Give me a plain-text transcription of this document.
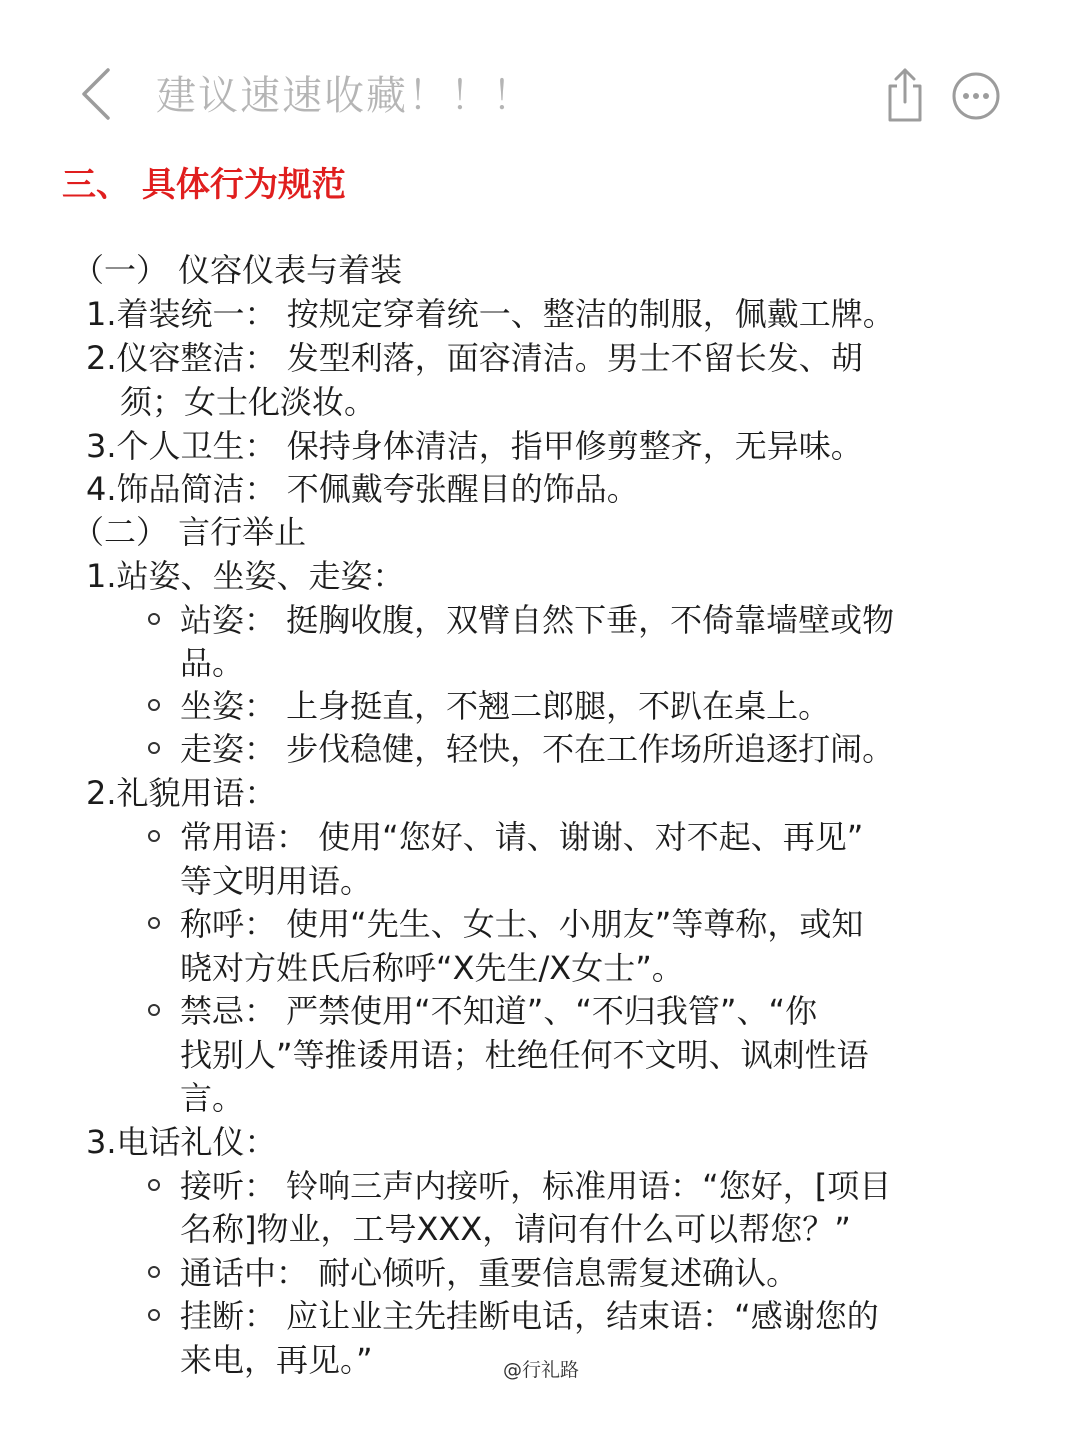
建议速速收藏！！！
三、 具体行为规范
（一） 仪容仪表与着装
1.着装统一： 按规定穿着统一、整洁的制服，佩戴工牌。
2.仪容整洁： 发型利落，面容清洁。男士不留长发、胡
须；女士化淡妆。
3.个人卫生： 保持身体清洁，指甲修剪整齐，无异味。
4.饰品简洁： 不佩戴夸张醒目的饰品。
（二） 言行举止
1.站姿、坐姿、走姿：
站姿： 挺胸收腹，双臂自然下垂，不倚靠墙壁或物
品。
坐姿： 上身挺直，不翘二郎腿，不趴在桌上。
走姿： 步伐稳健，轻快，不在工作场所追逐打闹。
2.礼貌用语：
常用语： 使用“您好、请、谢谢、对不起、再见”
等文明用语。
称呼： 使用“先生、女士、小朋友”等尊称，或知
晓对方姓氏后称呼“X先生/X女士”。
禁忌： 严禁使用“不知道”、“不归我管”、“你
找别人”等推诿用语；杜绝任何不文明、讽刺性语
言。
3.电话礼仪：
接听： 铃响三声内接听，标准用语：“您好，[项目
名称]物业，工号XXX，请问有什么可以帮您？”
通话中： 耐心倾听，重要信息需复述确认。
挂断： 应让业主先挂断电话，结束语：“感谢您的
来电，再见。”	@行礼路
